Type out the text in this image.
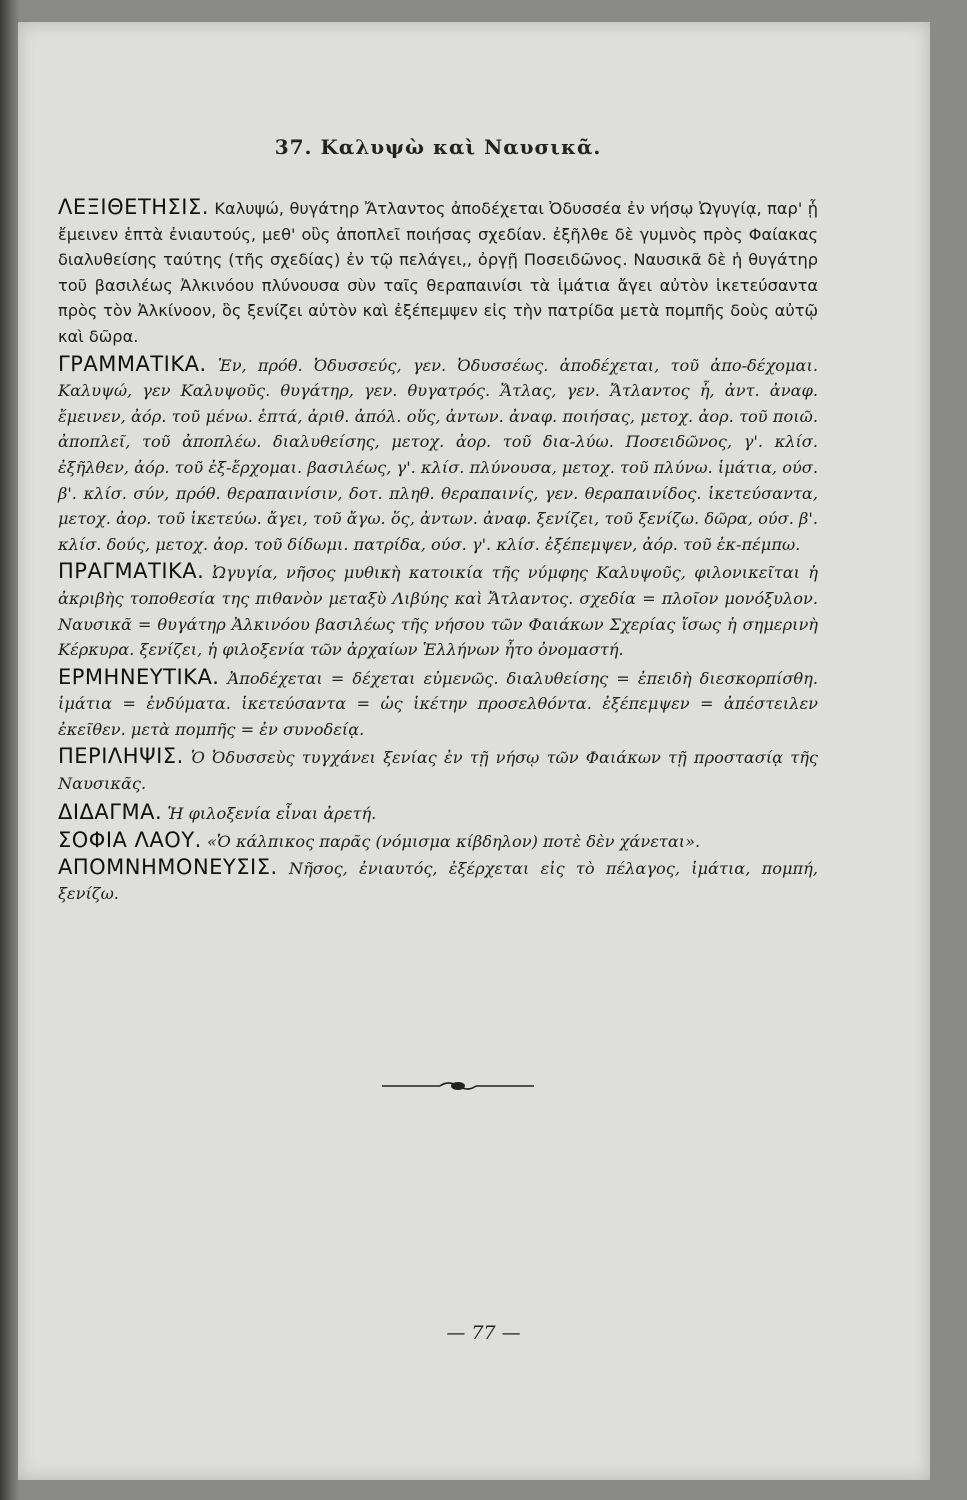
37. Καλυψὼ καὶ Ναυσικᾶ.
ΛΕΞΙΘΕΤΗΣΙΣ. Καλυψώ, θυγάτηρ Ἄτλαντος ἀποδέχεται Ὀδυσσέα ἐν νήσῳ Ὠγυγίᾳ, παρ' ᾗ ἔμεινεν ἑπτὰ ἐνιαυτούς, μεθ' οὓς ἀποπλεῖ ποιήσας σχεδίαν. ἐξῆλθε δὲ γυμνὸς πρὸς Φαίακας διαλυθείσης ταύτης (τῆς σχεδίας) ἐν τῷ πελάγει,, ὀργῇ Ποσειδῶνος. Ναυσικᾶ δὲ ἡ θυγάτηρ τοῦ βασιλέως Ἀλκινόου πλύνουσα σὺν ταῖς θεραπαινίσι τὰ ἱμάτια ἄγει αὐτὸν ἱκετεύσαντα πρὸς τὸν Ἀλκίνοον, ὃς ξενίζει αὐτὸν καὶ ἐξέπεμψεν εἰς τὴν πατρίδα μετὰ πομπῆς δοὺς αὐτῷ καὶ δῶρα.
ΓΡΑΜΜΑΤΙΚΑ. Ἐν, πρόθ. Ὀδυσσεύς, γεν. Ὀδυσσέως. ἀποδέχεται, τοῦ ἀπο-δέχομαι. Καλυψώ, γεν Καλυψοῦς. θυγάτηρ, γεν. θυγατρός. Ἄτλας, γεν. Ἄτλαντος ἧ, ἀντ. ἀναφ. ἔμεινεν, ἀόρ. τοῦ μένω. ἑπτά, ἀριθ. ἀπόλ. οὕς, ἀντων. ἀναφ. ποιήσας, μετοχ. ἀορ. τοῦ ποιῶ. ἀποπλεῖ, τοῦ ἀποπλέω. διαλυθείσης, μετοχ. ἀορ. τοῦ δια-λύω. Ποσειδῶνος, γ'. κλίσ. ἐξῆλθεν, ἀόρ. τοῦ ἐξ-ἔρχομαι. βασιλέως, γ'. κλίσ. πλύνουσα, μετοχ. τοῦ πλύνω. ἱμάτια, ούσ. β'. κλίσ. σύν, πρόθ. θεραπαινίσιν, δοτ. πληθ. θεραπαινίς, γεν. θεραπαινίδος. ἱκετεύσαντα, μετοχ. ἀορ. τοῦ ἱκετεύω. ἄγει, τοῦ ἄγω. ὅς, ἀντων. ἀναφ. ξενίζει, τοῦ ξενίζω. δῶρα, ούσ. β'. κλίσ. δούς, μετοχ. ἀορ. τοῦ δίδωμι. πατρίδα, ούσ. γ'. κλίσ. ἐξέπεμψεν, ἀόρ. τοῦ ἐκ-πέμπω.
ΠΡΑΓΜΑΤΙΚΑ. Ὠγυγία, νῆσος μυθικὴ κατοικία τῆς νύμφης Καλυψοῦς, φιλονικεῖται ἡ ἀκριβὴς τοποθεσία της πιθανὸν μεταξὺ Λιβύης καὶ Ἄτλαντος. σχεδία = πλοῖον μονόξυλον. Ναυσικᾶ = θυγάτηρ Ἀλκινόου βασιλέως τῆς νήσου τῶν Φαιάκων Σχερίας ἴσως ἡ σημερινὴ Κέρκυρα. ξενίζει, ἡ φιλοξενία τῶν ἀρχαίων Ἑλλήνων ἦτο ὀνομαστή.
ΕΡΜΗΝΕΥΤΙΚΑ. Ἀποδέχεται = δέχεται εὐμενῶς. διαλυθείσης = ἐπειδὴ διεσκορπίσθη. ἱμάτια = ἐνδύματα. ἱκετεύσαντα = ὡς ἱκέτην προσελθόντα. ἐξέπεμψεν = ἀπέστειλεν ἐκεῖθεν. μετὰ πομπῆς = ἐν συνοδείᾳ.
ΠΕΡΙΛΗΨΙΣ. Ὁ Ὀδυσσεὺς τυγχάνει ξενίας ἐν τῇ νήσῳ τῶν Φαιάκων τῇ προστασίᾳ τῆς Ναυσικᾶς.
ΔΙΔΑΓΜΑ. Ἡ φιλοξενία εἶναι ἀρετή.
ΣΟΦΙΑ ΛΑΟΥ. «Ὁ κάλπικος παρᾶς (νόμισμα κίβδηλον) ποτὲ δὲν χάνεται».
ΑΠΟΜΝΗΜΟΝΕΥΣΙΣ. Νῆσος, ἐνιαυτός, ἐξέρχεται εἰς τὸ πέλαγος, ἱμάτια, πομπή, ξενίζω.
— 77 —
